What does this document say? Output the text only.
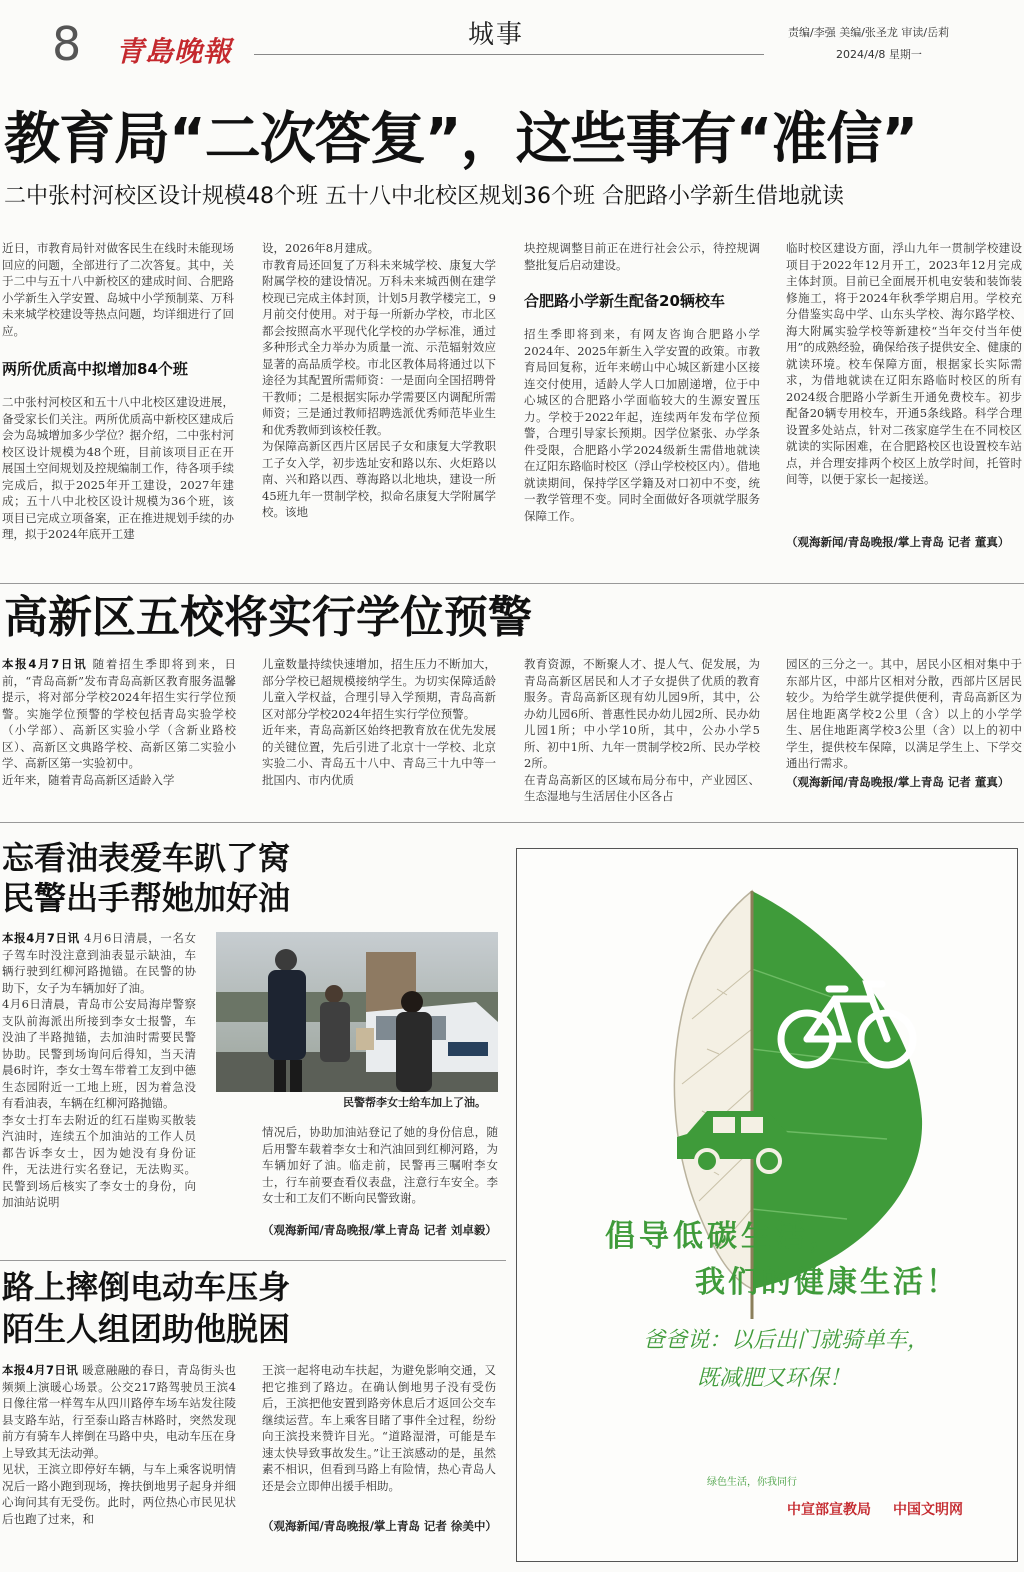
8 青島晚報	城事	责编/李强 美编/张圣龙 审读/岳莉
2024/4/8 星期一
教育局“二次答复”，这些事有“准信”
二中张村河校区设计规模48个班 五十八中北校区规划36个班 合肥路小学新生借地就读
近日，市教育局针对做客民生在线时未能现场回应的问题，全部进行了二次答复。其中，关于二中与五十八中新校区的建成时间、合肥路小学新生入学安置、岛城中小学预制菜、万科未来城学校建设等热点问题，均详细进行了回应。
两所优质高中拟增加84个班
二中张村河校区和五十八中北校区建设进展，备受家长们关注。两所优质高中新校区建成后会为岛城增加多少学位？据介绍，二中张村河校区设计规模为48个班，目前该项目正在开展国土空间规划及控规编制工作，待各项手续完成后，拟于2025年开工建设，2027年建成；五十八中北校区设计规模为36个班，该项目已完成立项备案，正在推进规划手续的办理，拟于2024年底开工建
设，2026年8月建成。
市教育局还回复了万科未来城学校、康复大学附属学校的建设情况。万科未来城西侧在建学校现已完成主体封顶，计划5月教学楼完工，9月前交付使用。对于每一所新办学校，市北区都会按照高水平现代化学校的办学标准，通过多种形式全力举办为质量一流、示范辐射效应显著的高品质学校。市北区教体局将通过以下途径为其配置所需师资：一是面向全国招聘骨干教师；二是根据实际办学需要区内调配所需师资；三是通过教师招聘选派优秀师范毕业生和优秀教师到该校任教。
为保障高新区西片区居民子女和康复大学教职工子女入学，初步选址安和路以东、火炬路以南、兴和路以西、尊海路以北地块，建设一所45班九年一贯制学校，拟命名康复大学附属学校。该地
块控规调整目前正在进行社会公示，待控规调整批复后启动建设。
合肥路小学新生配备20辆校车
招生季即将到来，有网友咨询合肥路小学2024年、2025年新生入学安置的政策。市教育局回复称，近年来崂山中心城区新建小区接连交付使用，适龄人学人口加剧递增，位于中心城区的合肥路小学面临较大的生源安置压力。学校于2022年起，连续两年发布学位预警，合理引导家长预期。因学位紧张、办学条件受限，合肥路小学2024级新生需借地就读在辽阳东路临时校区（浮山学校校区内）。借地就读期间，保持学区学籍及对口初中不变，统一教学管理不变。同时全面做好各项就学服务保障工作。
临时校区建设方面，浮山九年一贯制学校建设项目于2022年12月开工，2023年12月完成主体封顶。目前已全面展开机电安装和装饰装修施工，将于2024年秋季学期启用。学校充分借鉴实岛中学、山东头学校、海尔路学校、海大附属实验学校等新建校“当年交付当年使用”的成熟经验，确保给孩子提供安全、健康的就读环境。校车保障方面，根据家长实际需求，为借地就读在辽阳东路临时校区的所有2024级合肥路小学新生开通免费校车。初步配备20辆专用校车，开通5条线路。科学合理设置多处站点，针对二孩家庭学生在不同校区就读的实际困难，在合肥路校区也设置校车站点，并合理安排两个校区上放学时间，托管时间等，以便于家长一起接送。
（观海新闻/青岛晚报/掌上青岛 记者 董真）
高新区五校将实行学位预警
本报4月7日讯 随着招生季即将到来，日前，“青岛高新”发布青岛高新区教育服务温馨提示，将对部分学校2024年招生实行学位预警。实施学位预警的学校包括青岛实验学校（小学部）、高新区实验小学（含新业路校区）、高新区文典路学校、高新区第二实验小学、高新区第一实验初中。
近年来，随着青岛高新区适龄入学
儿童数量持续快速增加，招生压力不断加大，部分学校已超规模接纳学生。为切实保障适龄儿童入学权益，合理引导入学预期，青岛高新区对部分学校2024年招生实行学位预警。
近年来，青岛高新区始终把教育放在优先发展的关键位置，先后引进了北京十一学校、北京实验二小、青岛五十八中、青岛三十九中等一批国内、市内优质
教育资源，不断聚人才、提人气、促发展，为青岛高新区居民和人才子女提供了优质的教育服务。青岛高新区现有幼儿园9所，其中，公办幼儿园6所、普惠性民办幼儿园2所、民办幼儿园1所；中小学10所，其中，公办小学5所、初中1所、九年一贯制学校2所、民办学校2所。
在青岛高新区的区域布局分布中，产业园区、生态湿地与生活居住小区各占
园区的三分之一。其中，居民小区相对集中于东部片区，中部片区相对分散，西部片区居民较少。为给学生就学提供便利，青岛高新区为居住地距离学校2公里（含）以上的小学学生、居住地距离学校3公里（含）以上的初中学生，提供校车保障，以满足学生上、下学交通出行需求。
（观海新闻/青岛晚报/掌上青岛 记者 董真）
忘看油表爱车趴了窝
民警出手帮她加好油
本报4月7日讯 4月6日清晨，一名女子驾车时没注意到油表显示缺油，车辆行驶到红柳河路抛锚。在民警的协助下，女子为车辆加好了油。
4月6日清晨，青岛市公安局海岸警察支队前海派出所接到李女士报警，车没油了半路抛锚，去加油时需要民警协助。民警到场询问后得知，当天清晨6时许，李女士驾车带着工友到中德生态园附近一工地上班，因为着急没有看油表，车辆在红柳河路抛锚。
李女士打车去附近的红石崖购买散装汽油时，连续五个加油站的工作人员都告诉李女士，因为她没有身份证件，无法进行实名登记，无法购买。民警到场后核实了李女士的身份，向加油站说明
民警帮李女士给车加上了油。
情况后，协助加油站登记了她的身份信息，随后用警车载着李女士和汽油回到红柳河路，为车辆加好了油。临走前，民警再三嘱咐李女士，行车前要查看仪表盘，注意行车安全。李女士和工友们不断向民警致谢。
（观海新闻/青岛晚报/掌上青岛 记者 刘卓毅）
路上摔倒电动车压身
陌生人组团助他脱困
本报4月7日讯 暖意融融的春日，青岛街头也频频上演暖心场景。公交217路驾驶员王滨4日像往常一样驾车从四川路停车场车站发往陵县支路车站，行至泰山路吉林路时，突然发现前方有骑车人摔倒在马路中央，电动车压在身上导致其无法动弹。
见状，王滨立即停好车辆，与车上乘客说明情况后一路小跑到现场，搀扶倒地男子起身并细心询问其有无受伤。此时，两位热心市民见状后也跑了过来，和
王滨一起将电动车扶起，为避免影响交通，又把它推到了路边。在确认倒地男子没有受伤后，王滨把他安置到路旁休息后才返回公交车继续运营。车上乘客目睹了事件全过程，纷纷向王滨投来赞许目光。“道路湿滑，可能是车速太快导致事故发生。”让王滨感动的是，虽然素不相识，但看到马路上有险情，热心青岛人还是会立即伸出援手相助。
（观海新闻/青岛晚报/掌上青岛 记者 徐美中）
倡导低碳生活，
我们的健康生活！
爸爸说：以后出门就骑单车，
既减肥又环保！
绿色生活，你我同行
中宣部宣教局 中国文明网
